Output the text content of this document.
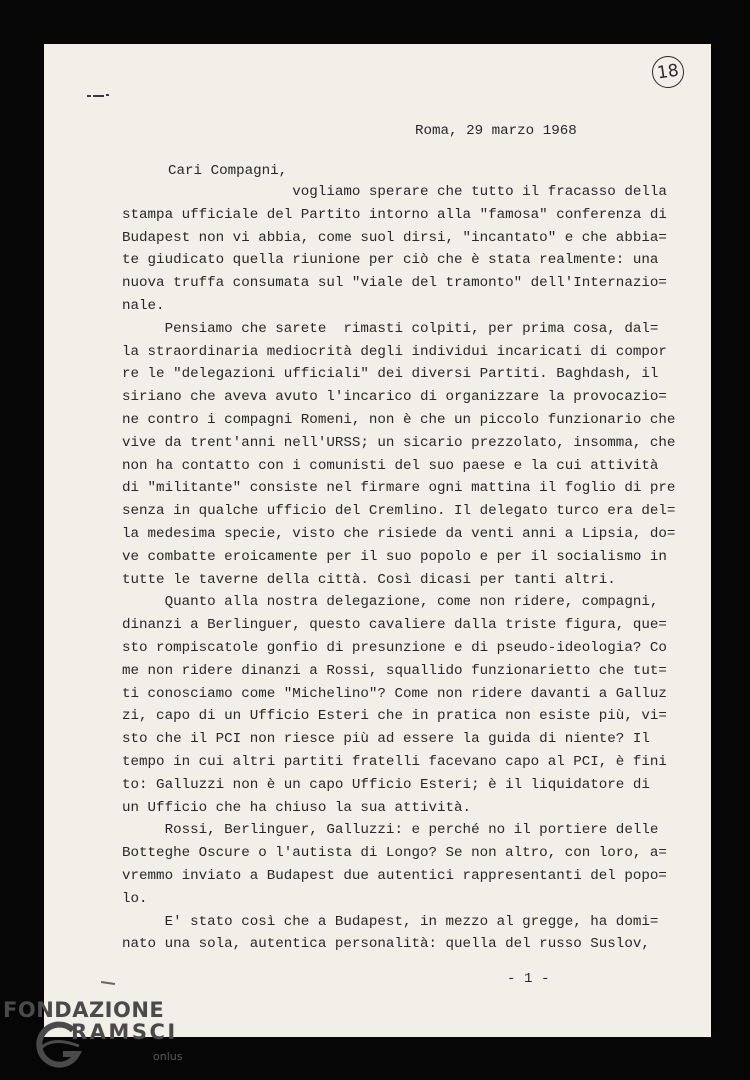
18
Roma, 29 marzo 1968
Cari Compagni,
vogliamo sperare che tutto il fracasso della
stampa ufficiale del Partito intorno alla "famosa" conferenza di
Budapest non vi abbia, come suol dirsi, "incantato" e che abbia=
te giudicato quella riunione per ciò che è stata realmente: una
nuova truffa consumata sul "viale del tramonto" dell'Internazio=
nale.
Pensiamo che sarete  rimasti colpiti, per prima cosa, dal=
la straordinaria mediocrità degli individui incaricati di compor
re le "delegazioni ufficiali" dei diversi Partiti. Baghdash, il
siriano che aveva avuto l'incarico di organizzare la provocazio=
ne contro i compagni Romeni, non è che un piccolo funzionario che
vive da trent'anni nell'URSS; un sicario prezzolato, insomma, che
non ha contatto con i comunisti del suo paese e la cui attività
di "militante" consiste nel firmare ogni mattina il foglio di pre
senza in qualche ufficio del Cremlino. Il delegato turco era del=
la medesima specie, visto che risiede da venti anni a Lipsia, do=
ve combatte eroicamente per il suo popolo e per il socialismo in
tutte le taverne della città. Così dicasi per tanti altri.
Quanto alla nostra delegazione, come non ridere, compagni,
dinanzi a Berlinguer, questo cavaliere dalla triste figura, que=
sto rompiscatole gonfio di presunzione e di pseudo-ideologia? Co
me non ridere dinanzi a Rossi, squallido funzionarietto che tut=
ti conosciamo come "Michelino"? Come non ridere davanti a Galluz
zi, capo di un Ufficio Esteri che in pratica non esiste più, vi=
sto che il PCI non riesce più ad essere la guida di niente? Il
tempo in cui altri partiti fratelli facevano capo al PCI, è fini
to: Galluzzi non è un capo Ufficio Esteri; è il liquidatore di
un Ufficio che ha chiuso la sua attività.
Rossi, Berlinguer, Galluzzi: e perché no il portiere delle
Botteghe Oscure o l'autista di Longo? Se non altro, con loro, a=
vremmo inviato a Budapest due autentici rappresentanti del popo=
lo.
E' stato così che a Budapest, in mezzo al gregge, ha domi=
nato una sola, autentica personalità: quella del russo Suslov,
- 1 -
FONDAZIONE
RAMSCI
onlus
